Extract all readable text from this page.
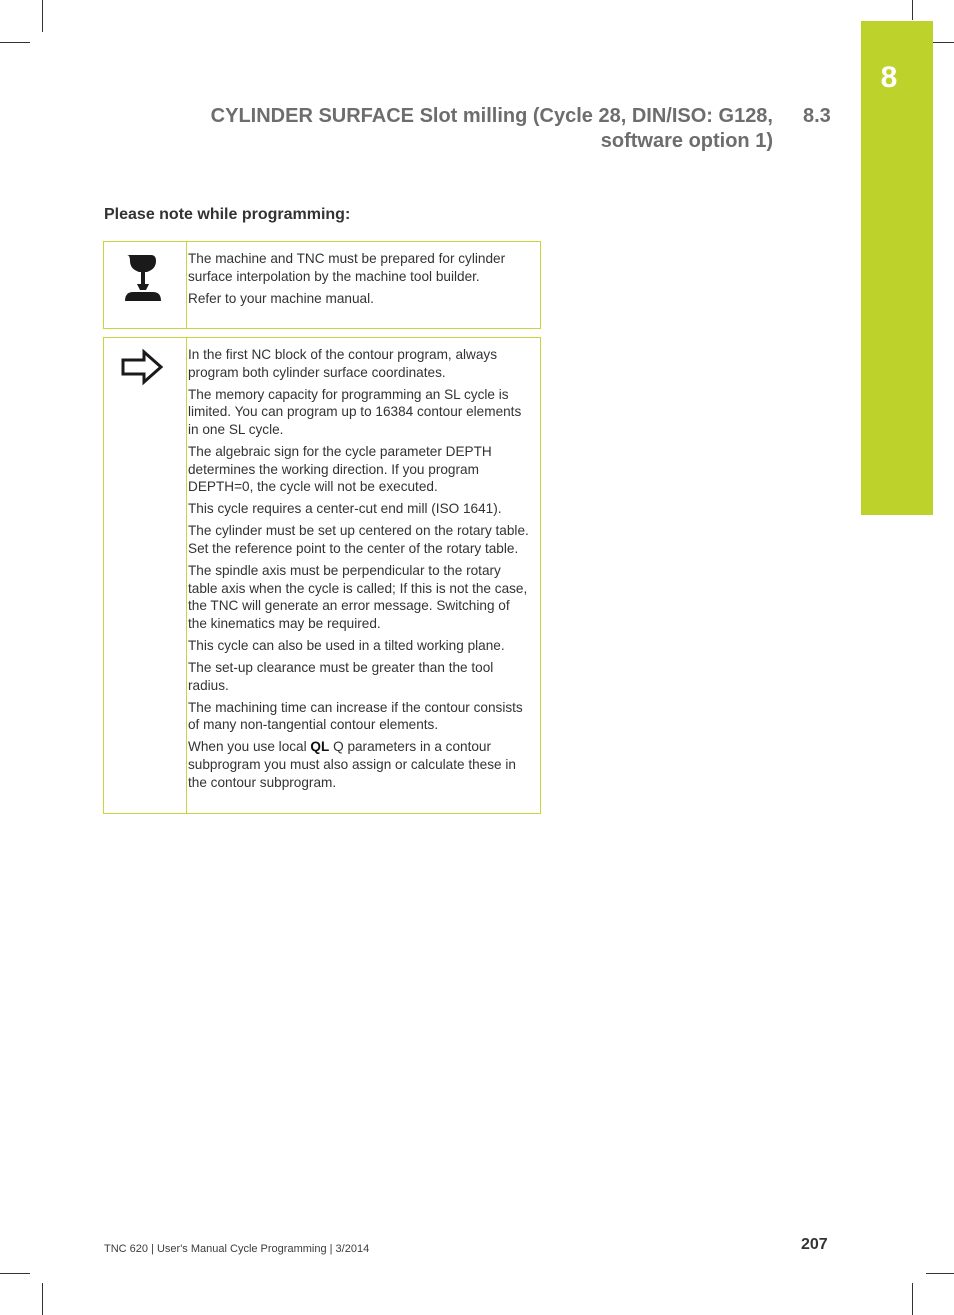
8
CYLINDER SURFACE Slot milling (Cycle 28, DIN/ISO: G128,
software option 1)
8.3
Please note while programming:

The machine and TNC must be prepared for cylinder surface interpolation by the machine tool builder.

Refer to your machine manual.

In the first NC block of the contour program, always program both cylinder surface coordinates.

The memory capacity for programming an SL cycle is limited. You can program up to 16384 contour elements in one SL cycle.

The algebraic sign for the cycle parameter DEPTH determines the working direction. If you program DEPTH=0, the cycle will not be executed.

This cycle requires a center-cut end mill (ISO 1641).

The cylinder must be set up centered on the rotary table. Set the reference point to the center of the rotary table.

The spindle axis must be perpendicular to the rotary table axis when the cycle is called; If this is not the case, the TNC will generate an error message. Switching of the kinematics may be required.

This cycle can also be used in a tilted working plane.

The set-up clearance must be greater than the tool radius.

The machining time can increase if the contour consists of many non-tangential contour elements.

When you use local QL Q parameters in a contour subprogram you must also assign or calculate these in the contour subprogram.

TNC 620 | User's Manual Cycle Programming | 3/2014	207
